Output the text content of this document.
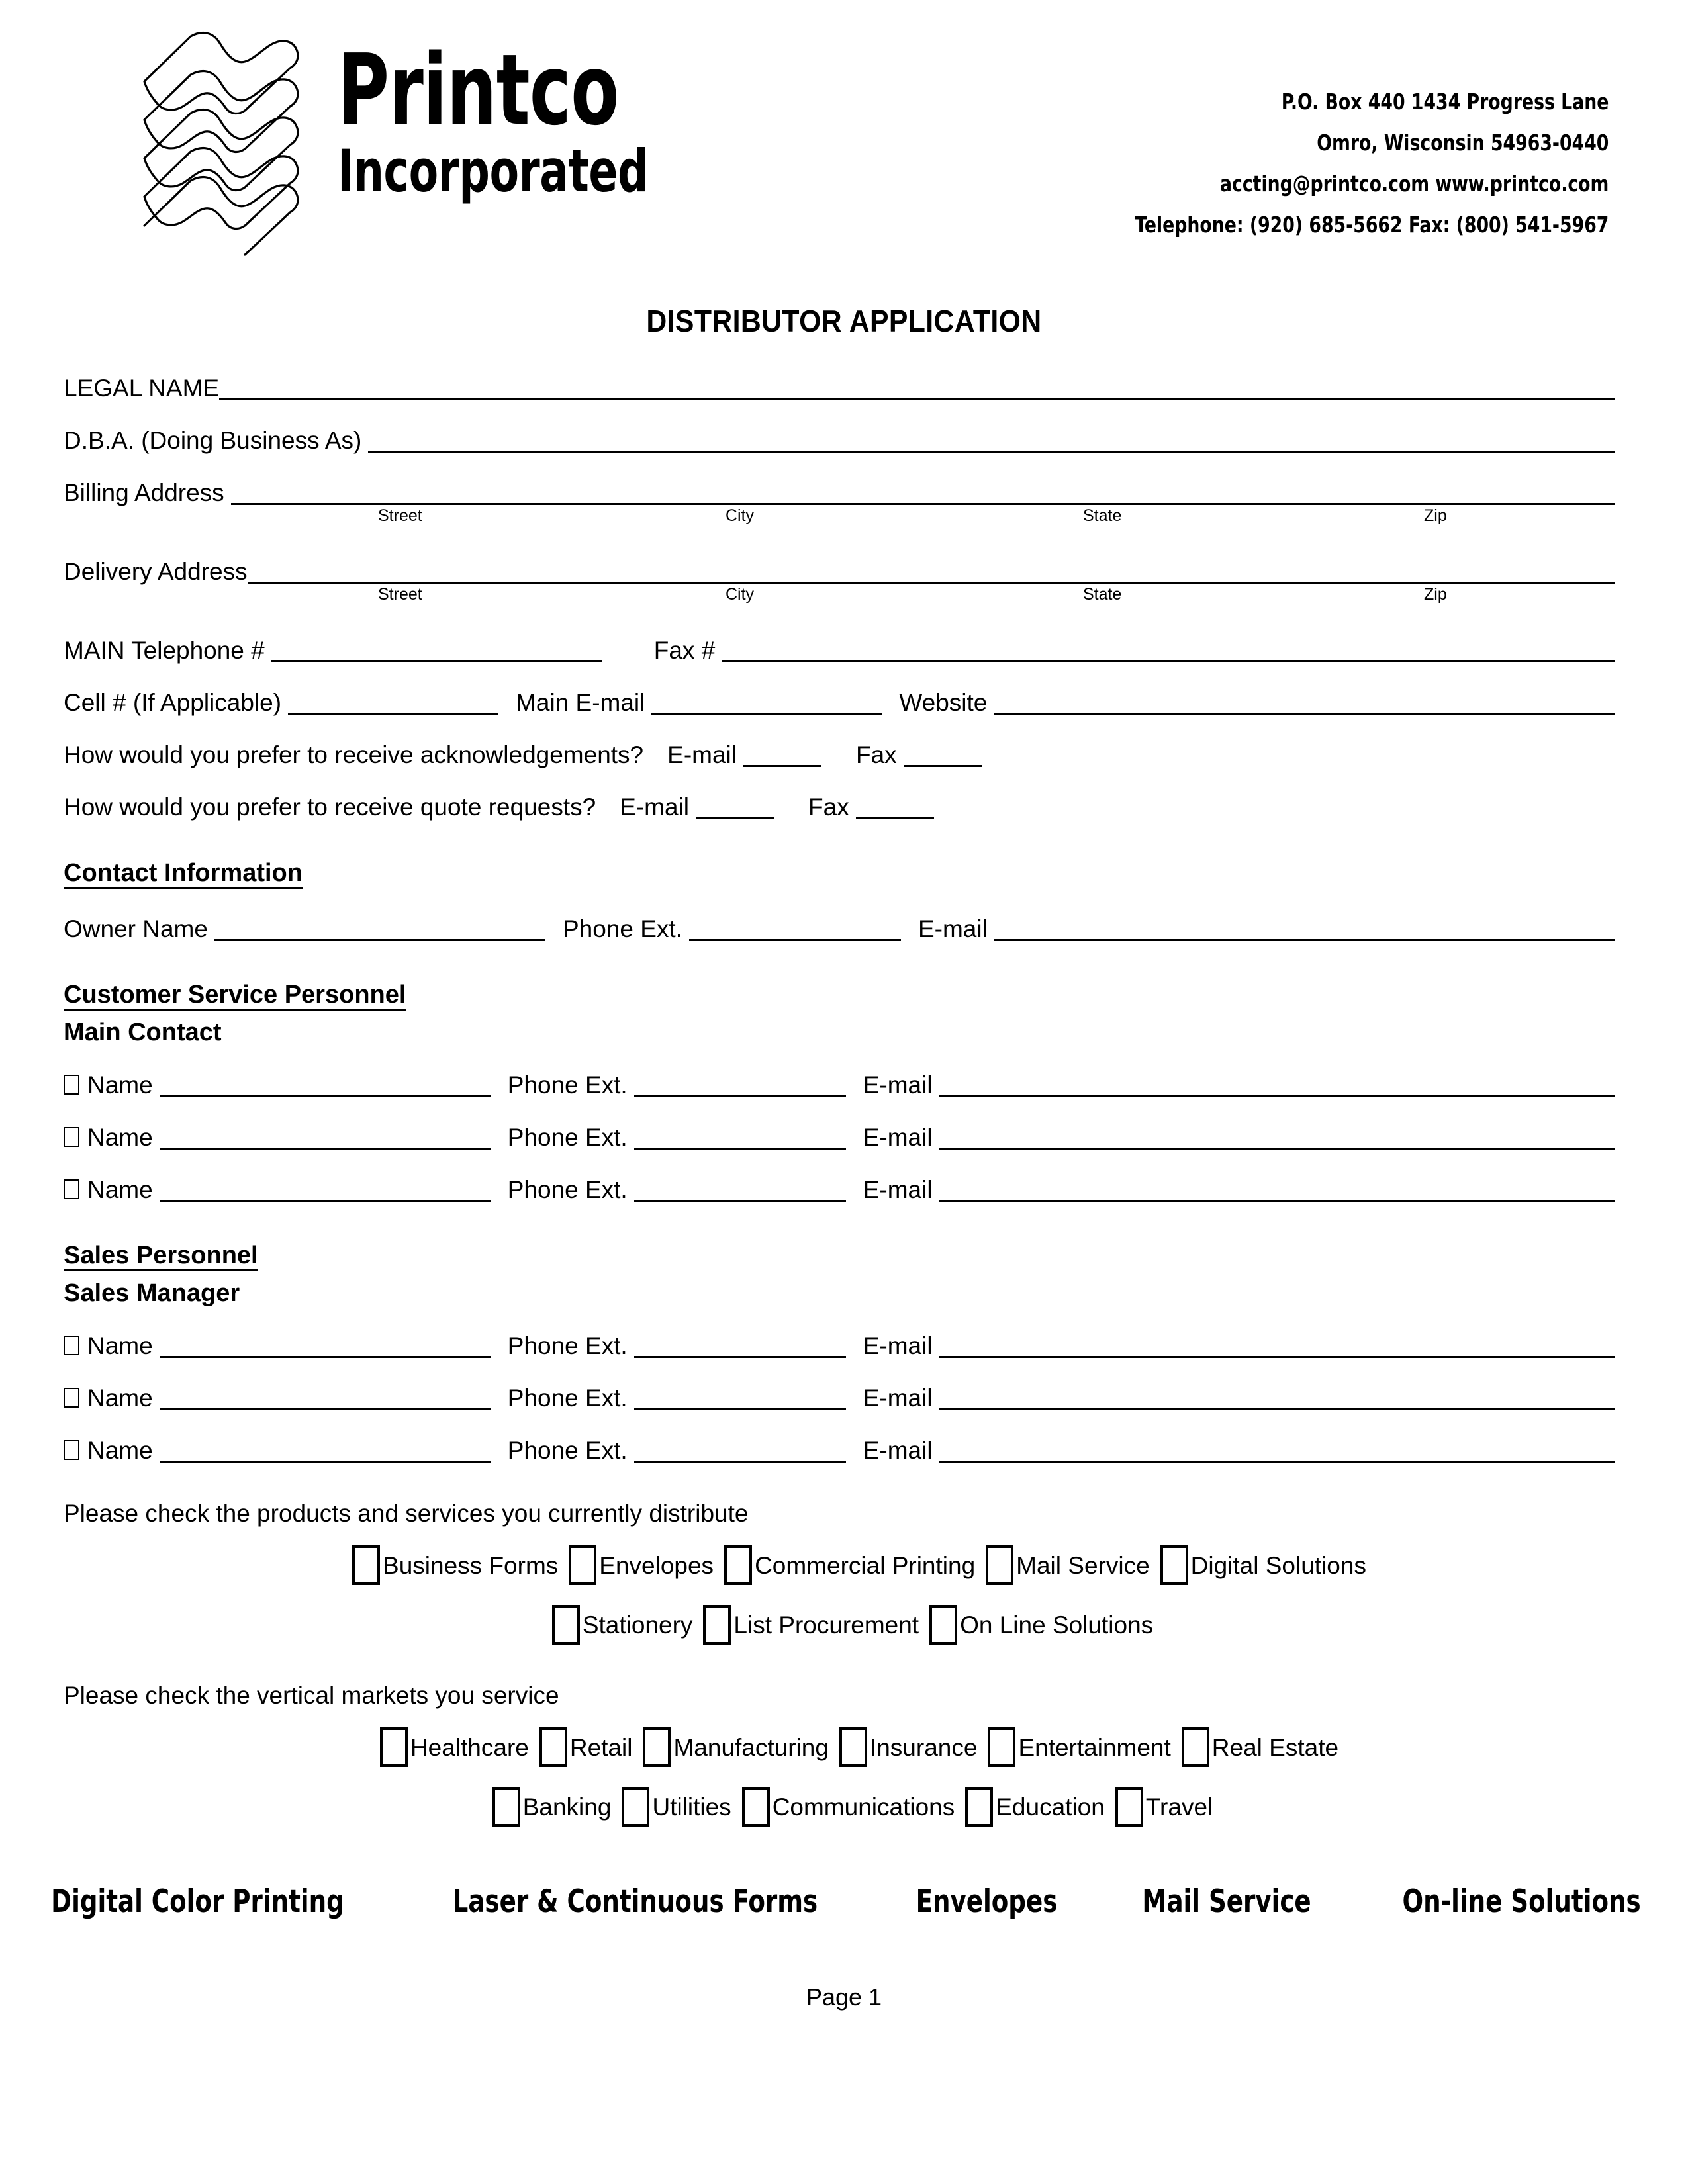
Printco
Incorporated
P.O. Box 440 1434 Progress Lane
Omro, Wisconsin 54963-0440
accting@printco.com www.printco.com
Telephone: (920) 685-5662 Fax: (800) 541-5967
DISTRIBUTOR APPLICATION
LEGAL NAME
D.B.A. (Doing Business As)
Billing Address
Street	City	State	Zip
Delivery Address
Street	City	State	Zip
MAIN Telephone #	Fax #
Cell # (If Applicable)	Main E-mail	Website
How would you prefer to receive acknowledgements? E-mail	Fax
How would you prefer to receive quote requests? E-mail	Fax
Contact Information
Owner Name	Phone Ext.	E-mail
Customer Service Personnel
Main Contact
Name	Phone Ext.	E-mail
Name	Phone Ext.	E-mail
Name	Phone Ext.	E-mail
Sales Personnel
Sales Manager
Name	Phone Ext.	E-mail
Name	Phone Ext.	E-mail
Name	Phone Ext.	E-mail
Please check the products and services you currently distribute
Business Forms Envelopes Commercial Printing Mail Service Digital Solutions
Stationery List Procurement On Line Solutions
Please check the vertical markets you service
Healthcare Retail Manufacturing Insurance Entertainment Real Estate
Banking Utilities Communications Education Travel
Digital Color Printing	Laser & Continuous Forms	Envelopes	Mail Service	On-line Solutions
Page 1
